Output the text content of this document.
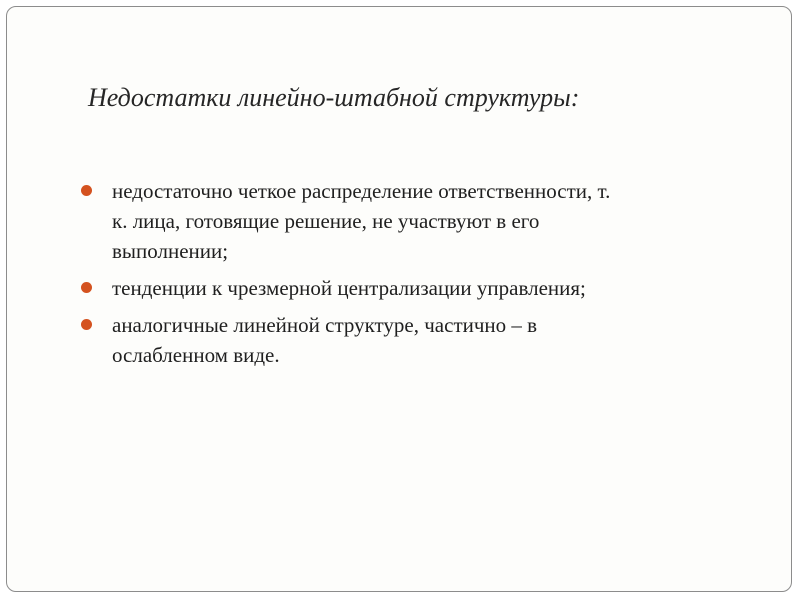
Недостатки линейно-штабной структуры:
недостаточно четкое распределение ответственности, т.
к. лица, готовящие решение, не участвуют в его
выполнении;
тенденции к чрезмерной централизации управления;
аналогичные линейной структуре, частично – в
ослабленном виде.
